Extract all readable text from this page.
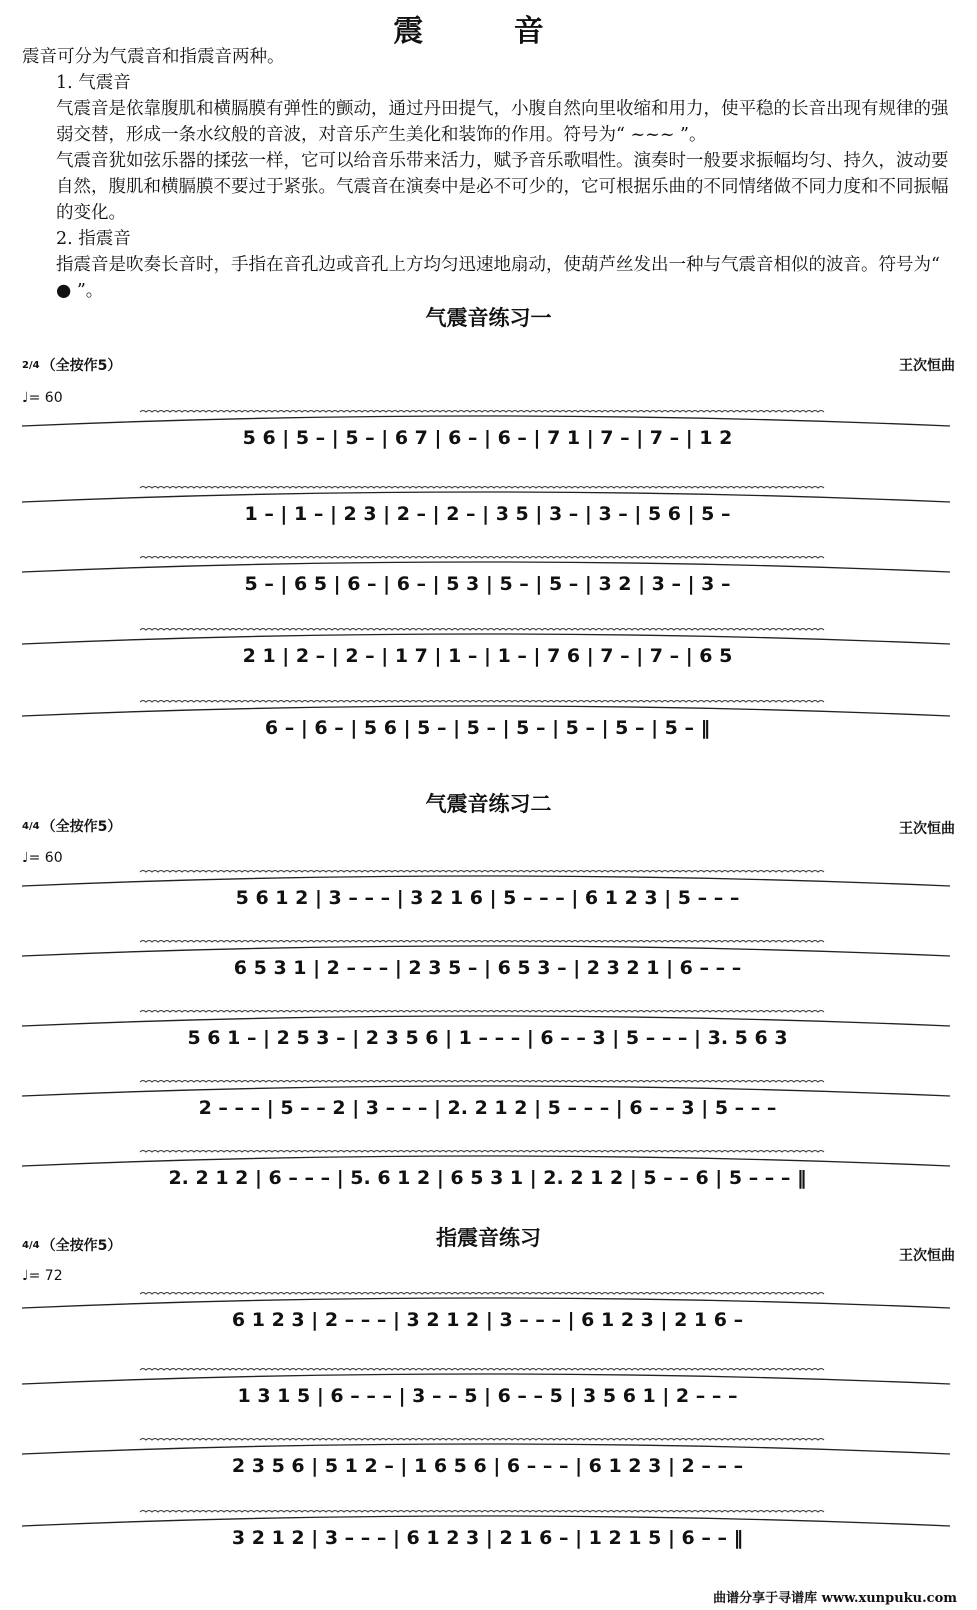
震 音

震音可分为气震音和指震音两种。

1. 气震音

气震音是依靠腹肌和横膈膜有弹性的颤动，通过丹田提气，小腹自然向里收缩和用力，使平稳的长音出现有规律的强弱交替，形成一条水纹般的音波，对音乐产生美化和装饰的作用。符号为“ ~~~ ”。

气震音犹如弦乐器的揉弦一样，它可以给音乐带来活力，赋予音乐歌唱性。演奏时一般要求振幅均匀、持久，波动要自然，腹肌和横膈膜不要过于紧张。气震音在演奏中是必不可少的，它可根据乐曲的不同情绪做不同力度和不同振幅的变化。

2. 指震音

指震音是吹奏长音时，手指在音孔边或音孔上方均匀迅速地扇动，使葫芦丝发出一种与气震音相似的波音。符号为“ ● ”。

气震音练习一
2/4 （全按作5）	王次恒曲
♩= 60
5 6 | 5 – | 5 – | 6 7 | 6 – | 6 – | 7 1 | 7 – | 7 – | 1 2
1 – | 1 – | 2 3 | 2 – | 2 – | 3 5 | 3 – | 3 – | 5 6 | 5 –
5 – | 6 5 | 6 – | 6 – | 5 3 | 5 – | 5 – | 3 2 | 3 – | 3 –
2 1 | 2 – | 2 – | 1 7 | 1 – | 1 – | 7 6 | 7 – | 7 – | 6 5
6 – | 6 – | 5 6 | 5 – | 5 – | 5 – | 5 – | 5 – | 5 – ‖
气震音练习二
4/4 （全按作5）	王次恒曲
♩= 60
5 6 1 2 | 3 – – – | 3 2 1 6 | 5 – – – | 6 1 2 3 | 5 – – –
6 5 3 1 | 2 – – – | 2 3 5 – | 6 5 3 – | 2 3 2 1 | 6 – – –
5 6 1 – | 2 5 3 – | 2 3 5 6 | 1 – – – | 6 – – 3 | 5 – – – | 3. 5 6 3
2 – – – | 5 – – 2 | 3 – – – | 2. 2 1 2 | 5 – – – | 6 – – 3 | 5 – – –
2. 2 1 2 | 6 – – – | 5. 6 1 2 | 6 5 3 1 | 2. 2 1 2 | 5 – – 6 | 5 – – – ‖
指震音练习
4/4 （全按作5）
王次恒曲
♩= 72
6 1 2 3 | 2 – – – | 3 2 1 2 | 3 – – – | 6 1 2 3 | 2 1 6 –
1 3 1 5 | 6 – – – | 3 – – 5 | 6 – – 5 | 3 5 6 1 | 2 – – –
2 3 5 6 | 5 1 2 – | 1 6 5 6 | 6 – – – | 6 1 2 3 | 2 – – –
3 2 1 2 | 3 – – – | 6 1 2 3 | 2 1 6 – | 1 2 1 5 | 6 – – ‖
曲谱分享于寻谱库 www.xunpuku.com
